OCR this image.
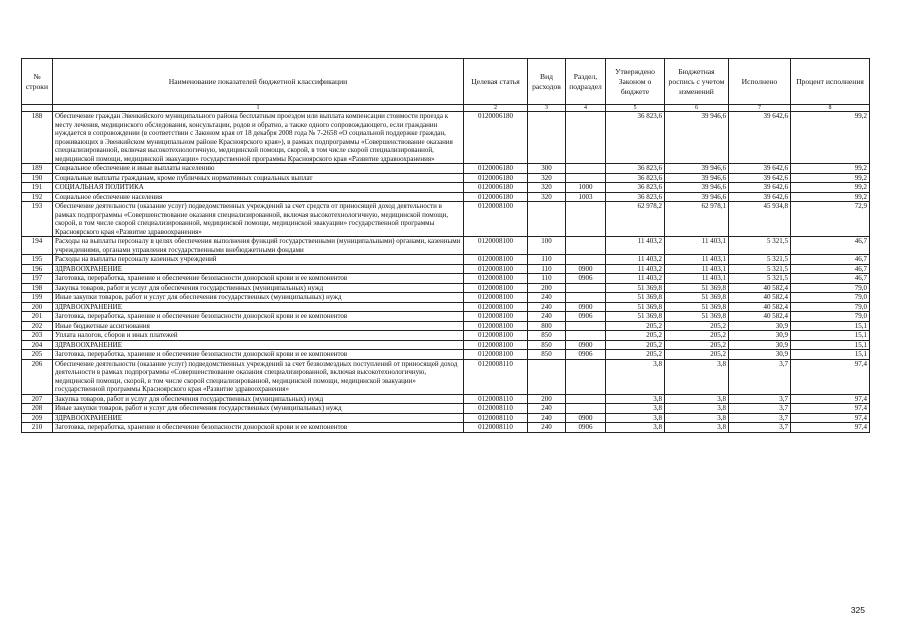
№ строки	Наименование показателей бюджетной классификации	Целевая статья	Вид расходов	Раздел, подраздел	Утверждено Законом о бюджете	Бюджетная роспись с учетом изменений	Исполнено	Процент исполнения
	1	2	3	4	5	6	7	8
188	Обеспечение граждан Эвенкийского муниципального района бесплатным проездом или выплата компенсации стоимости проезда к месту лечения, медицинского обследования, консультации, родов и обратно, а также одного сопровождающего, если гражданин нуждается в сопровождении (в соответствии с Законом края от 18 декабря 2008 года № 7-2658 «О социальной поддержке граждан, проживающих в Эвенкийском муниципальном районе Красноярского края»), в рамках подпрограммы «Совершенствование оказания специализированной, включая высокотехнологичную, медицинской помощи, скорой, в том числе скорой специализированной, медицинской помощи, медицинской эвакуации» государственной программы Красноярского края «Развитие здравоохранения»	0120006180			36 823,6	39 946,6	39 642,6	99,2
189	Социальное обеспечение и иные выплаты населению	0120006180	300		36 823,6	39 946,6	39 642,6	99,2
190	Социальные выплаты гражданам, кроме публичных нормативных социальных выплат	0120006180	320		36 823,6	39 946,6	39 642,6	99,2
191	СОЦИАЛЬНАЯ ПОЛИТИКА	0120006180	320	1000	36 823,6	39 946,6	39 642,6	99,2
192	Социальное обеспечение населения	0120006180	320	1003	36 823,6	39 946,6	39 642,6	99,2
193	Обеспечение деятельности (оказание услуг) подведомственных учреждений за счет средств от приносящей доход деятельности в рамках подпрограммы «Совершенствование оказания специализированной, включая высокотехнологичную, медицинской помощи, скорой, в том числе скорой специализированной, медицинской помощи, медицинской эвакуации» государственной программы Красноярского края «Развитие здравоохранения»	0120008100			62 978,2	62 978,1	45 934,8	72,9
194	Расходы на выплаты персоналу в целях обеспечения выполнения функций государственными (муниципальными) органами, казенными учреждениями, органами управления государственными внебюджетными фондами	0120008100	100		11 403,2	11 403,1	5 321,5	46,7
195	Расходы на выплаты персоналу казенных учреждений	0120008100	110		11 403,2	11 403,1	5 321,5	46,7
196	ЗДРАВООХРАНЕНИЕ	0120008100	110	0900	11 403,2	11 403,1	5 321,5	46,7
197	Заготовка, переработка, хранение и обеспечение безопасности донорской крови и ее компонентов	0120008100	110	0906	11 403,2	11 403,1	5 321,5	46,7
198	Закупка товаров, работ и услуг для обеспечения государственных (муниципальных) нужд	0120008100	200		51 369,8	51 369,8	40 582,4	79,0
199	Иные закупки товаров, работ и услуг для обеспечения государственных (муниципальных) нужд	0120008100	240		51 369,8	51 369,8	40 582,4	79,0
200	ЗДРАВООХРАНЕНИЕ	0120008100	240	0900	51 369,8	51 369,8	40 582,4	79,0
201	Заготовка, переработка, хранение и обеспечение безопасности донорской крови и ее компонентов	0120008100	240	0906	51 369,8	51 369,8	40 582,4	79,0
202	Иные бюджетные ассигнования	0120008100	800		205,2	205,2	30,9	15,1
203	Уплата налогов, сборов и иных платежей	0120008100	850		205,2	205,2	30,9	15,1
204	ЗДРАВООХРАНЕНИЕ	0120008100	850	0900	205,2	205,2	30,9	15,1
205	Заготовка, переработка, хранение и обеспечение безопасности донорской крови и ее компонентов	0120008100	850	0906	205,2	205,2	30,9	15,1
206	Обеспечение деятельности (оказание услуг) подведомственных учреждений за счет безвозмездных поступлений от приносящей доход деятельности в рамках подпрограммы «Совершенствование оказания специализированной, включая высокотехнологичную, медицинской помощи, скорой, в том числе скорой специализированной, медицинской помощи, медицинской эвакуации» государственной программы Красноярского края «Развитие здравоохранения»	0120008110			3,8	3,8	3,7	97,4
207	Закупка товаров, работ и услуг для обеспечения государственных (муниципальных) нужд	0120008110	200		3,8	3,8	3,7	97,4
208	Иные закупки товаров, работ и услуг для обеспечения государственных (муниципальных) нужд	0120008110	240		3,8	3,8	3,7	97,4
209	ЗДРАВООХРАНЕНИЕ	0120008110	240	0900	3,8	3,8	3,7	97,4
210	Заготовка, переработка, хранение и обеспечение безопасности донорской крови и ее компонентов	0120008110	240	0906	3,8	3,8	3,7	97,4
325
